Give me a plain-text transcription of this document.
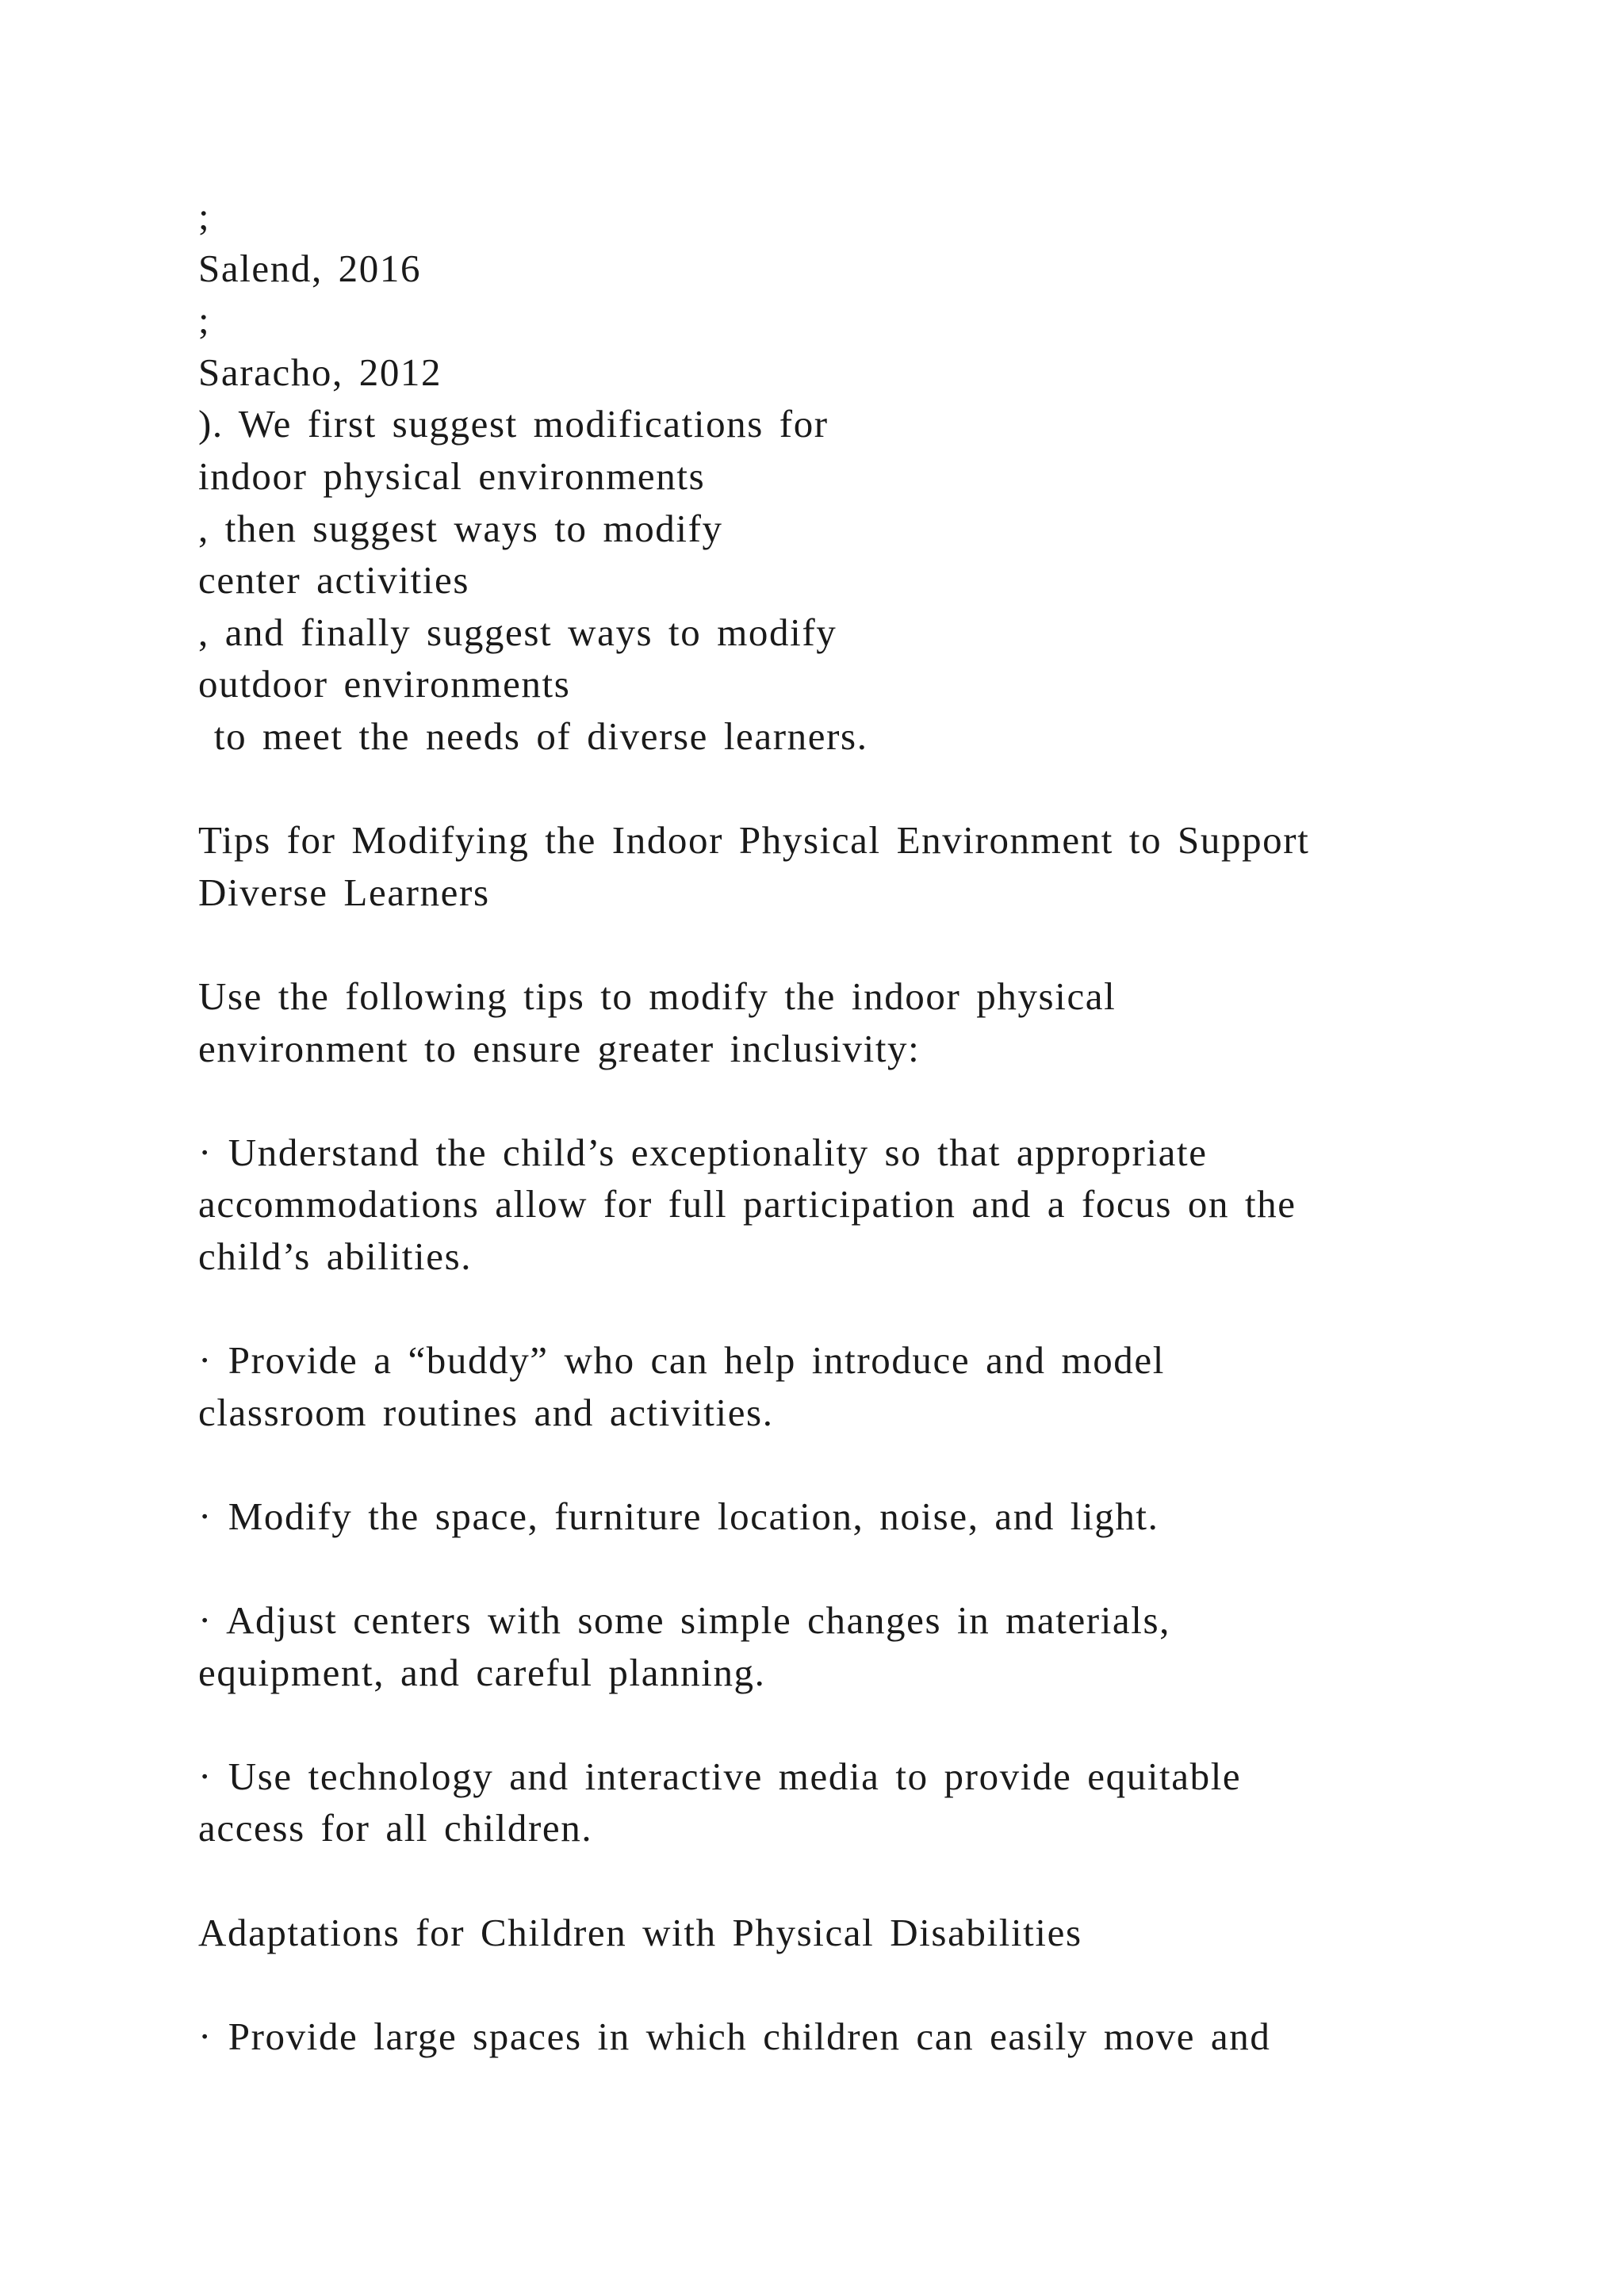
;
Salend, 2016
;
Saracho, 2012
). We first suggest modifications for
indoor physical environments
, then suggest ways to modify
center activities
, and finally suggest ways to modify
outdoor environments
to meet the needs of diverse learners.
Tips for Modifying the Indoor Physical Environment to Support
Diverse Learners
Use the following tips to modify the indoor physical
environment to ensure greater inclusivity:
· Understand the child’s exceptionality so that appropriate
accommodations allow for full participation and a focus on the
child’s abilities.
· Provide a “buddy” who can help introduce and model
classroom routines and activities.
· Modify the space, furniture location, noise, and light.
· Adjust centers with some simple changes in materials,
equipment, and careful planning.
· Use technology and interactive media to provide equitable
access for all children.
Adaptations for Children with Physical Disabilities
· Provide large spaces in which children can easily move and
